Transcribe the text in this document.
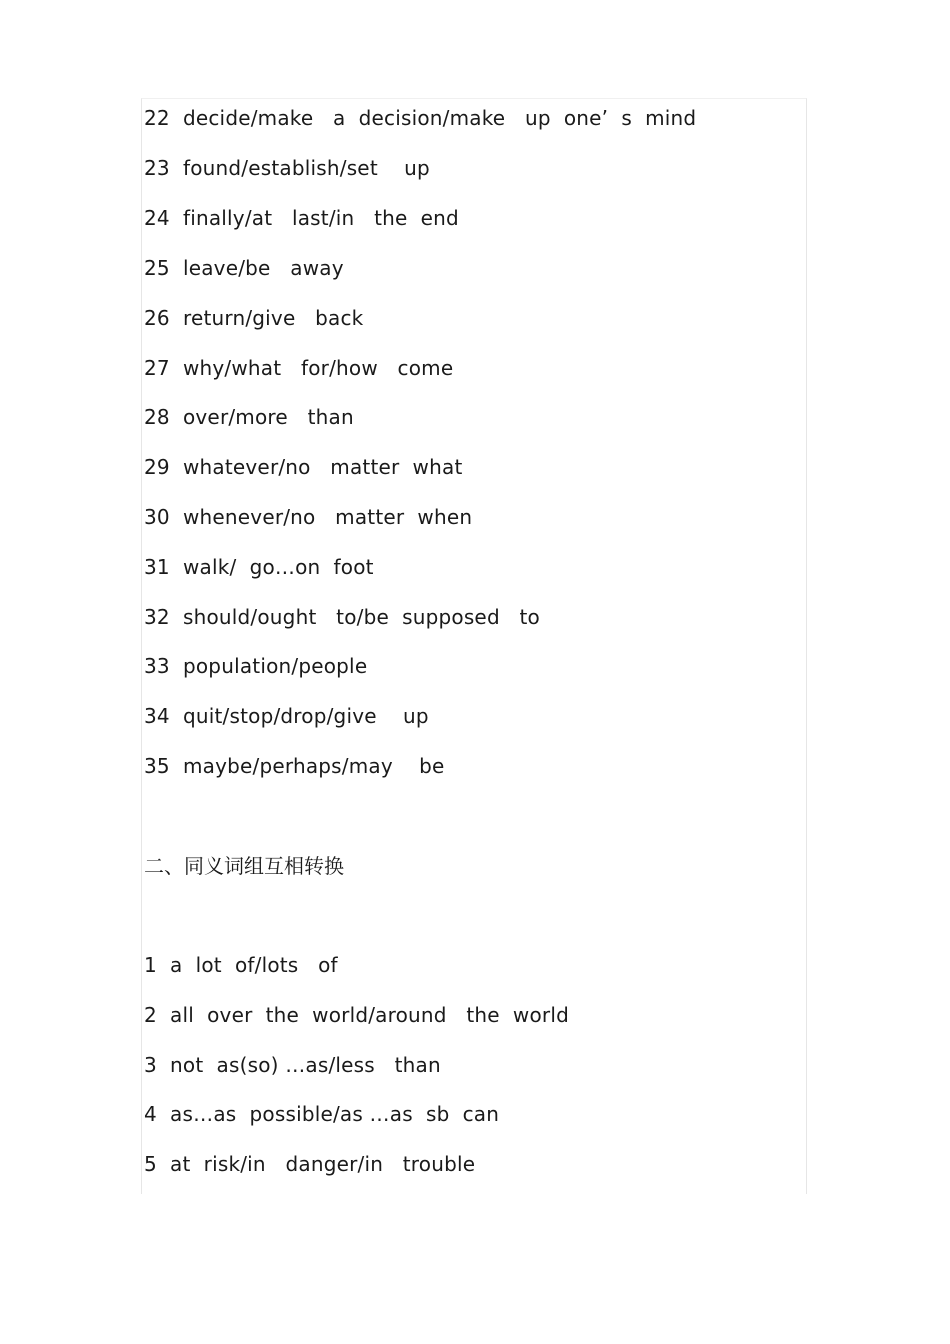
22  decide/make   a  decision/make   up  one’  s  mind
23  found/establish/set    up
24  finally/at   last/in   the  end
25  leave/be   away
26  return/give   back
27  why/what   for/how   come
28  over/more   than
29  whatever/no   matter  what
30  whenever/no   matter  when
31  walk/  go…on  foot
32  should/ought   to/be  supposed   to
33  population/people
34  quit/stop/drop/give    up
35  maybe/perhaps/may    be
二、同义词组互相转换
1  a  lot  of/lots   of
2  all  over  the  world/around   the  world
3  not  as(so) …as/less   than
4  as…as  possible/as …as  sb  can
5  at  risk/in   danger/in   trouble
